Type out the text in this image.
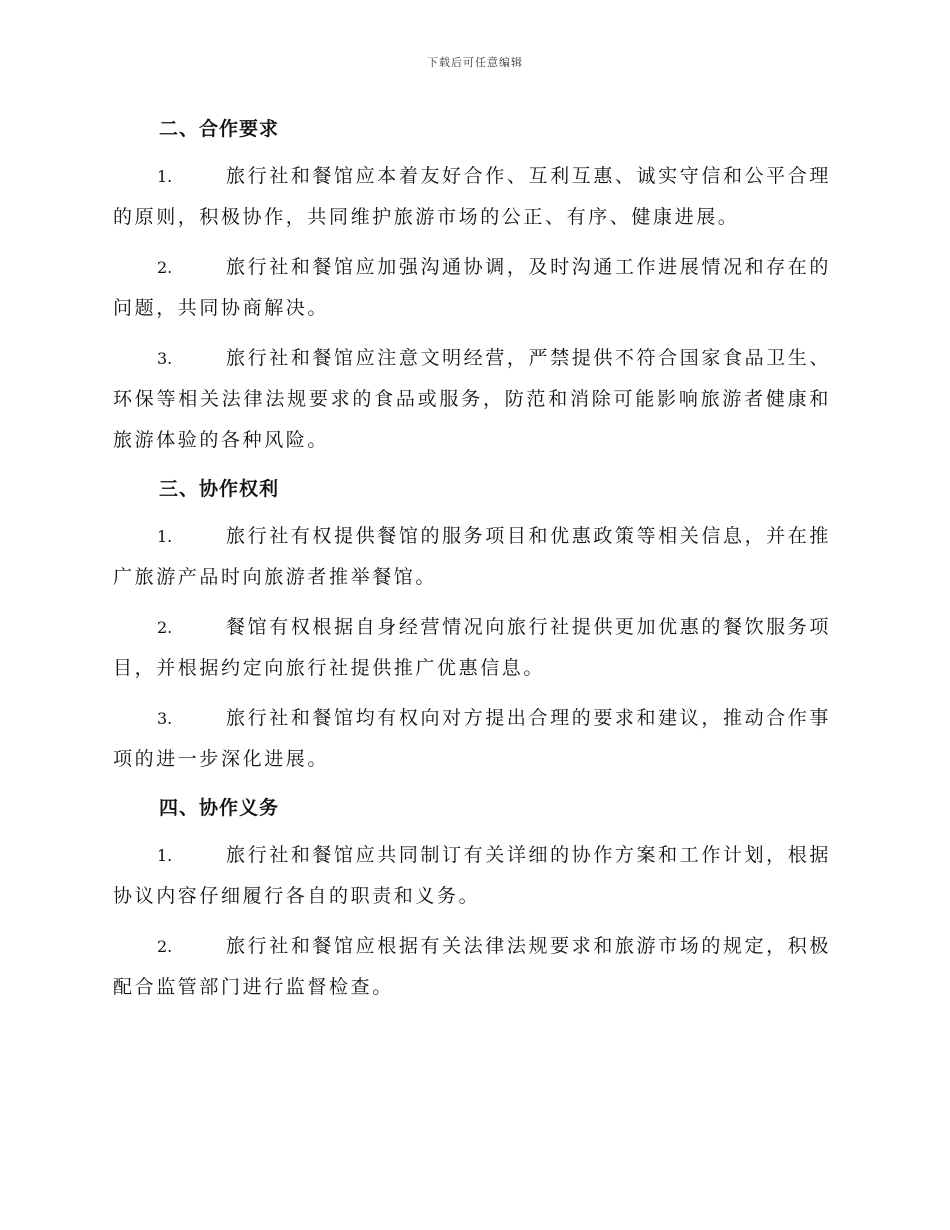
下载后可任意编辑
二、合作要求
1.	旅行社和餐馆应本着友好合作、互利互惠、诚实守信和公平合理的原则，积极协作，共同维护旅游市场的公正、有序、健康进展。
2.	旅行社和餐馆应加强沟通协调，及时沟通工作进展情况和存在的问题，共同协商解决。
3.	旅行社和餐馆应注意文明经营，严禁提供不符合国家食品卫生、环保等相关法律法规要求的食品或服务，防范和消除可能影响旅游者健康和旅游体验的各种风险。
三、协作权利
1.	旅行社有权提供餐馆的服务项目和优惠政策等相关信息，并在推广旅游产品时向旅游者推举餐馆。
2.	餐馆有权根据自身经营情况向旅行社提供更加优惠的餐饮服务项目，并根据约定向旅行社提供推广优惠信息。
3.	旅行社和餐馆均有权向对方提出合理的要求和建议，推动合作事项的进一步深化进展。
四、协作义务
1.	旅行社和餐馆应共同制订有关详细的协作方案和工作计划，根据协议内容仔细履行各自的职责和义务。
2.	旅行社和餐馆应根据有关法律法规要求和旅游市场的规定，积极配合监管部门进行监督检查。
